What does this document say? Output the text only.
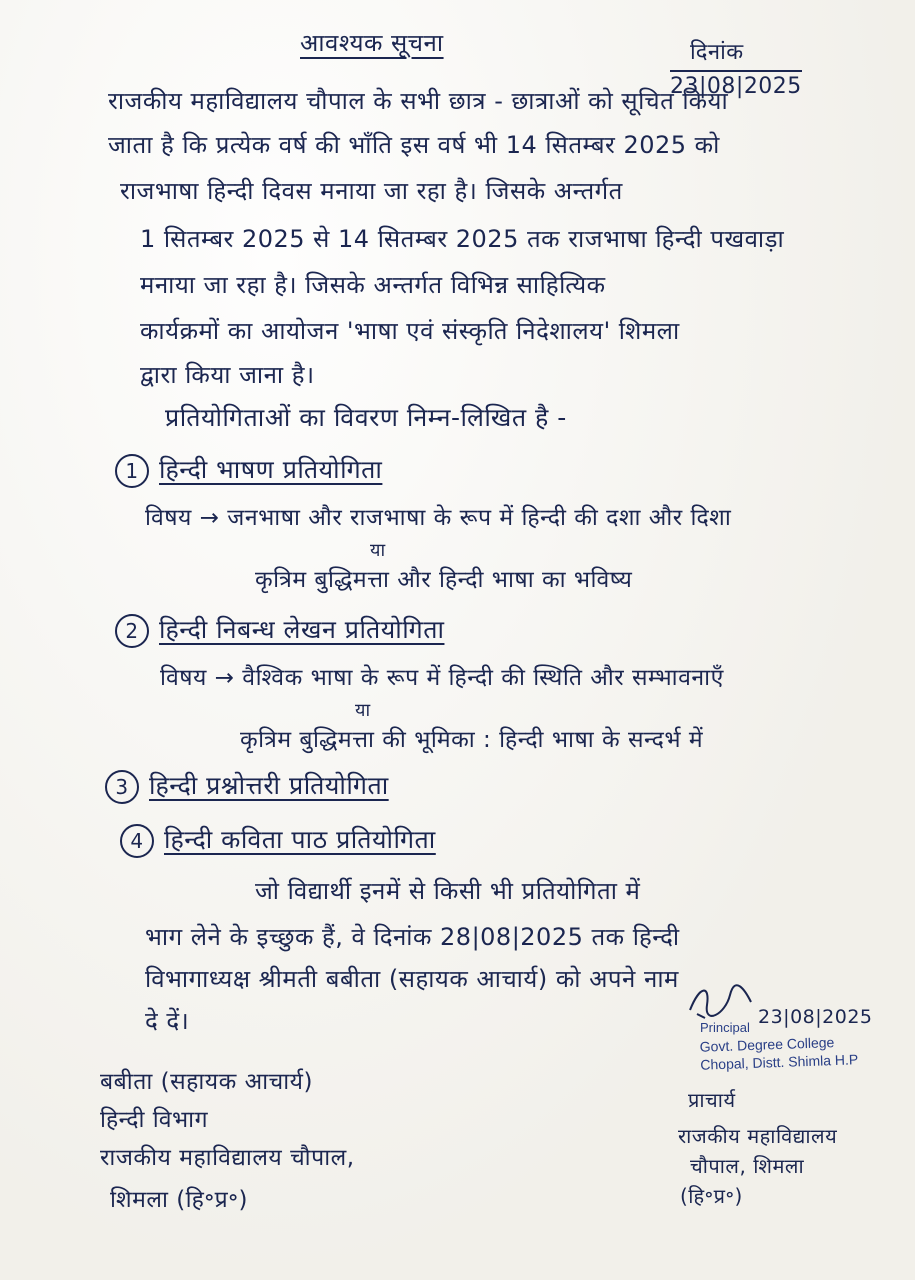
आवश्यक सूचना	दिनांक
23|08|2025
राजकीय महाविद्यालय चौपाल के सभी छात्र - छात्राओं को सूचित किया
जाता है कि प्रत्येक वर्ष की भाँति इस वर्ष भी 14 सितम्बर 2025 को
राजभाषा हिन्दी दिवस मनाया जा रहा है। जिसके अन्तर्गत
1 सितम्बर 2025 से 14 सितम्बर 2025 तक राजभाषा हिन्दी पखवाड़ा
मनाया जा रहा है। जिसके अन्तर्गत विभिन्न साहित्यिक
कार्यक्रमों का आयोजन 'भाषा एवं संस्कृति निदेशालय' शिमला
द्वारा किया जाना है।
प्रतियोगिताओं का विवरण निम्न-लिखित है -
1 हिन्दी भाषण प्रतियोगिता
विषय → जनभाषा और राजभाषा के रूप में हिन्दी की दशा और दिशा
या
कृत्रिम बुद्धिमत्ता और हिन्दी भाषा का भविष्य
2 हिन्दी निबन्ध लेखन प्रतियोगिता
विषय → वैश्विक भाषा के रूप में हिन्दी की स्थिति और सम्भावनाएँ
या
कृत्रिम बुद्धिमत्ता की भूमिका : हिन्दी भाषा के सन्दर्भ में
3 हिन्दी प्रश्नोत्तरी प्रतियोगिता
4 हिन्दी कविता पाठ प्रतियोगिता
जो विद्यार्थी इनमें से किसी भी प्रतियोगिता में
भाग लेने के इच्छुक हैं, वे दिनांक 28|08|2025 तक हिन्दी
विभागाध्यक्ष श्रीमती बबीता (सहायक आचार्य) को अपने नाम
दे दें।	23|08|2025
Principal
Govt. Degree College
Chopal, Distt. Shimla H.P
बबीता (सहायक आचार्य)
हिन्दी विभाग
राजकीय महाविद्यालय चौपाल,
शिमला (हि॰प्र॰)
प्राचार्य
राजकीय महाविद्यालय
चौपाल, शिमला
(हि॰प्र॰)
